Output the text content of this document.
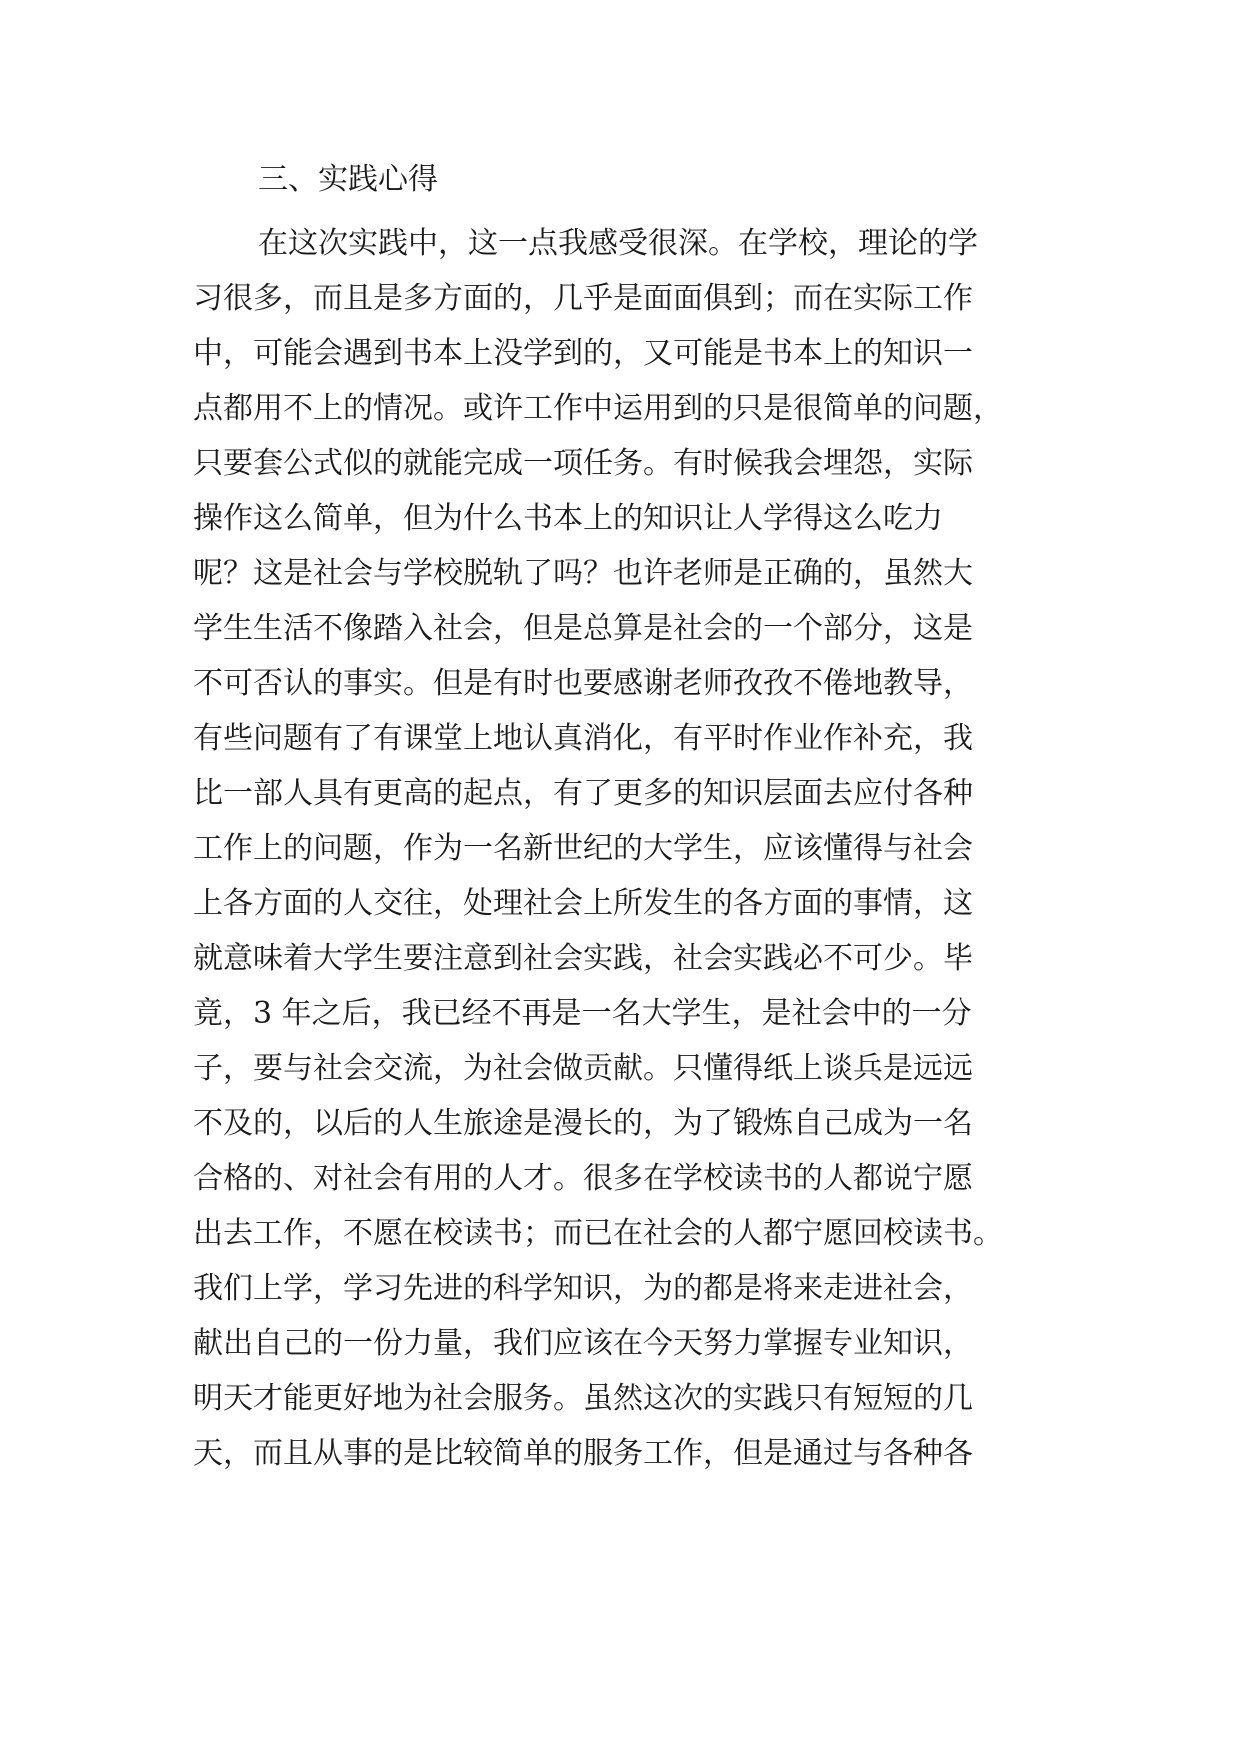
三、实践心得
在这次实践中，这一点我感受很深。在学校，理论的学
习很多，而且是多方面的，几乎是面面俱到；而在实际工作
中，可能会遇到书本上没学到的，又可能是书本上的知识一
点都用不上的情况。或许工作中运用到的只是很简单的问题，
只要套公式似的就能完成一项任务。有时候我会埋怨，实际
操作这么简单，但为什么书本上的知识让人学得这么吃力
呢？这是社会与学校脱轨了吗？也许老师是正确的，虽然大
学生生活不像踏入社会，但是总算是社会的一个部分，这是
不可否认的事实。但是有时也要感谢老师孜孜不倦地教导，
有些问题有了有课堂上地认真消化，有平时作业作补充，我
比一部人具有更高的起点，有了更多的知识层面去应付各种
工作上的问题，作为一名新世纪的大学生，应该懂得与社会
上各方面的人交往，处理社会上所发生的各方面的事情，这
就意味着大学生要注意到社会实践，社会实践必不可少。毕
竟，3 年之后，我已经不再是一名大学生，是社会中的一分
子，要与社会交流，为社会做贡献。只懂得纸上谈兵是远远
不及的，以后的人生旅途是漫长的，为了锻炼自己成为一名
合格的、对社会有用的人才。很多在学校读书的人都说宁愿
出去工作，不愿在校读书；而已在社会的人都宁愿回校读书。
我们上学，学习先进的科学知识，为的都是将来走进社会，
献出自己的一份力量，我们应该在今天努力掌握专业知识，
明天才能更好地为社会服务。虽然这次的实践只有短短的几
天，而且从事的是比较简单的服务工作，但是通过与各种各
